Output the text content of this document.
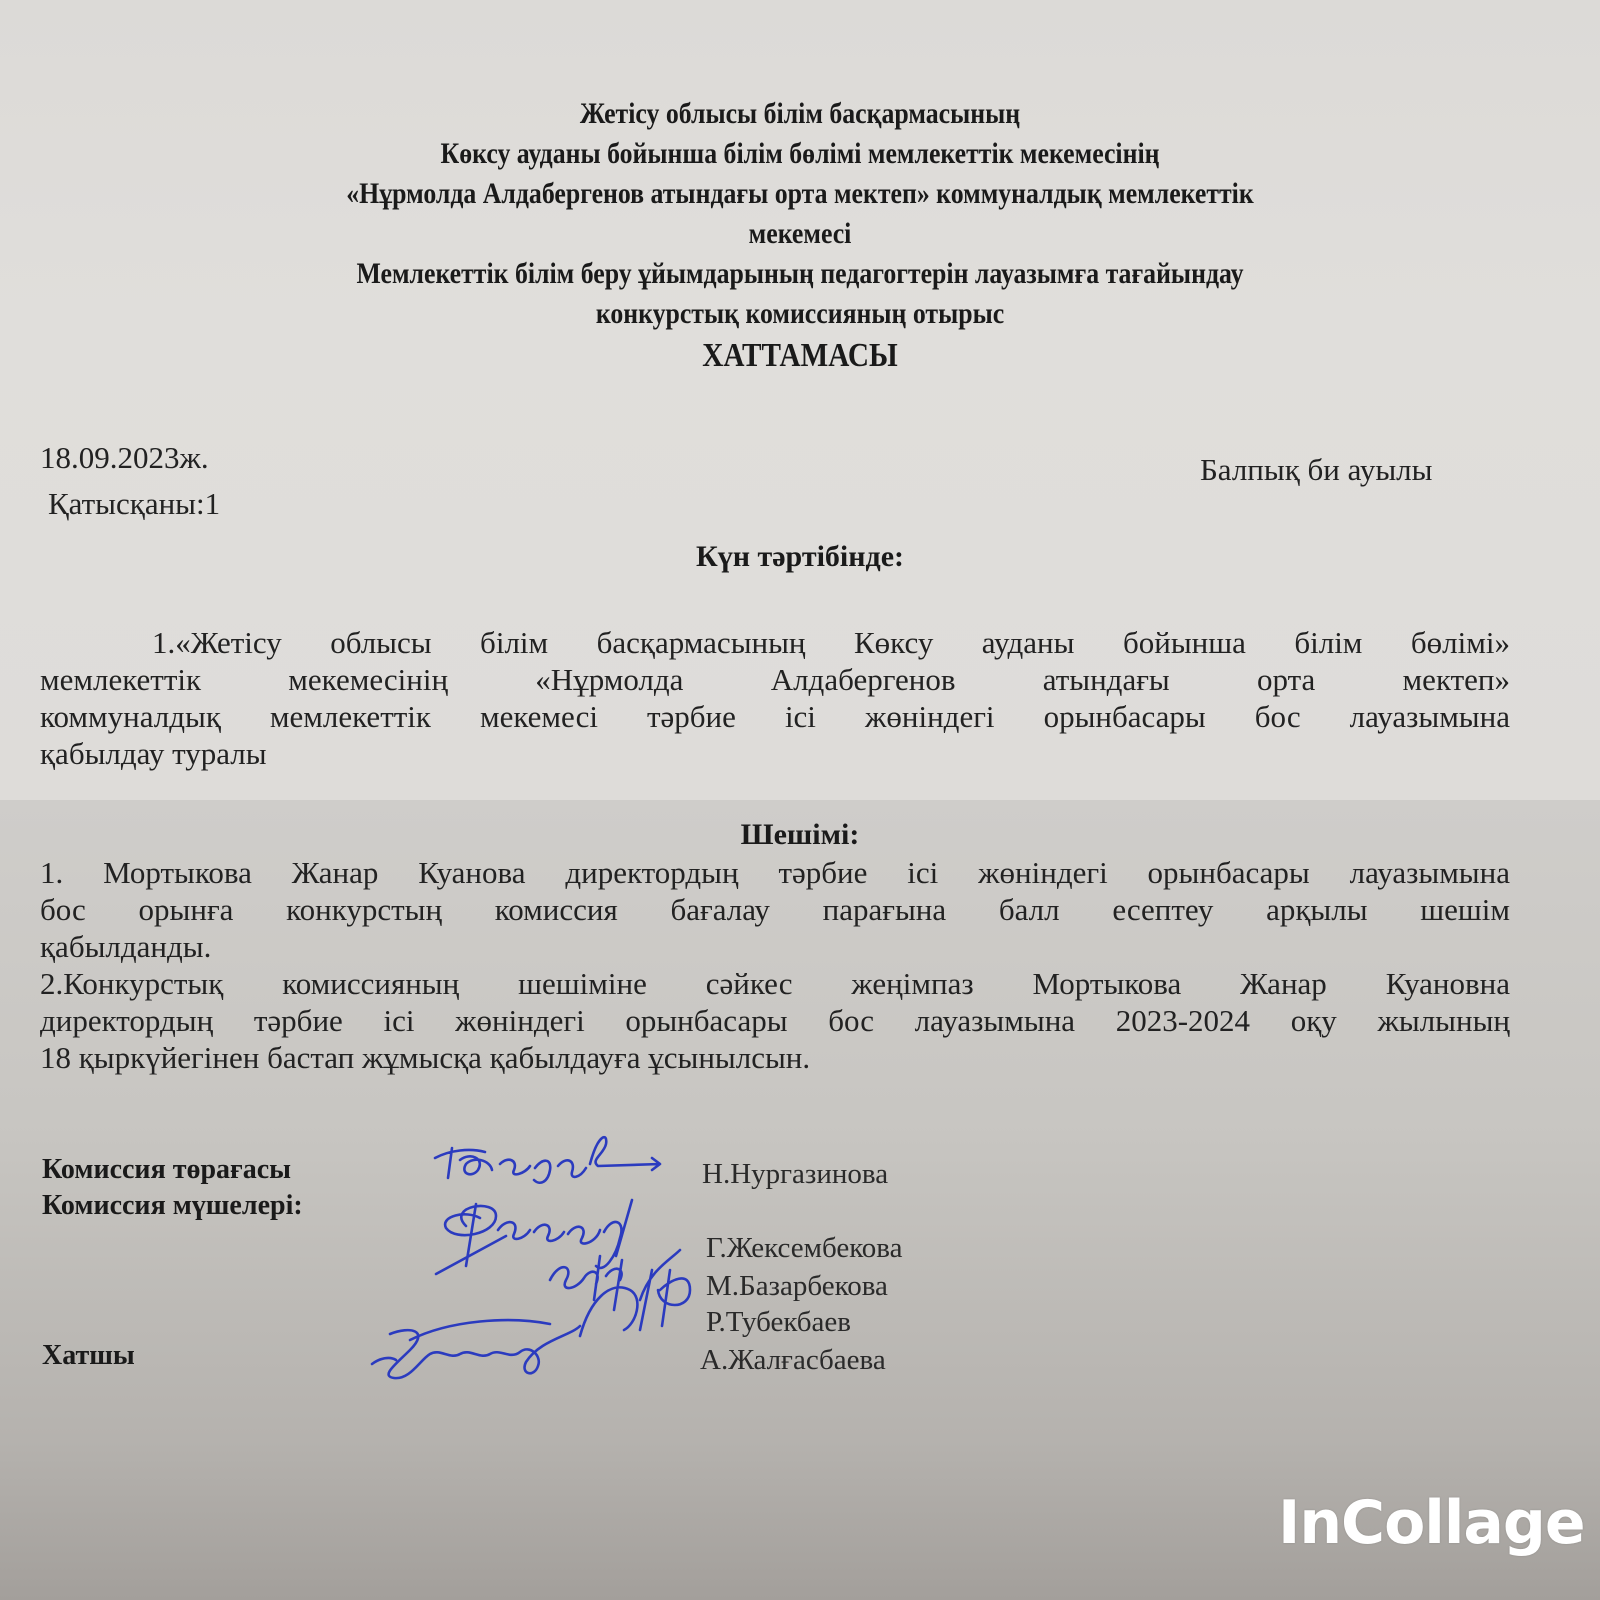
Жетісу облысы білім басқармасының
Көксу ауданы бойынша білім бөлімі мемлекеттік мекемесінің
«Нұрмолда Алдабергенов атындағы орта мектеп» коммуналдық мемлекеттік
мекемесі
Мемлекеттік білім беру ұйымдарының педагогтерін лауазымға тағайындау
конкурстық комиссияның отырыс
ХАТТАМАСЫ
18.09.2023ж.	Балпық би ауылы
Қатысқаны:1
Күн тәртібінде:
1.«Жетісу облысы білім басқармасының Көксу ауданы бойынша білім бөлімі»
мемлекеттік мекемесінің «Нұрмолда Алдабергенов атындағы орта мектеп»
коммуналдық мемлекеттік мекемесі тәрбие ісі жөніндегі орынбасары бос лауазымына
қабылдау туралы
Шешімі:
1. Мортыкова Жанар Куанова директордың тәрбие ісі жөніндегі орынбасары лауазымына
бос орынға конкурстың комиссия бағалау парағына балл есептеу арқылы шешім
қабылданды.
2.Конкурстық комиссияның шешіміне сәйкес жеңімпаз Мортыкова Жанар Куановна
директордың тәрбие ісі жөніндегі орынбасары бос лауазымына 2023-2024 оқу жылының
18 қыркүйегінен бастап жұмысқа қабылдауға ұсынылсын.
Комиссия төрағасы
Комиссия мүшелері:
Хатшы
Н.Нургазинова
Г.Жексембекова
М.Базарбекова
Р.Тубекбаев
А.Жалғасбаева
InCollage
